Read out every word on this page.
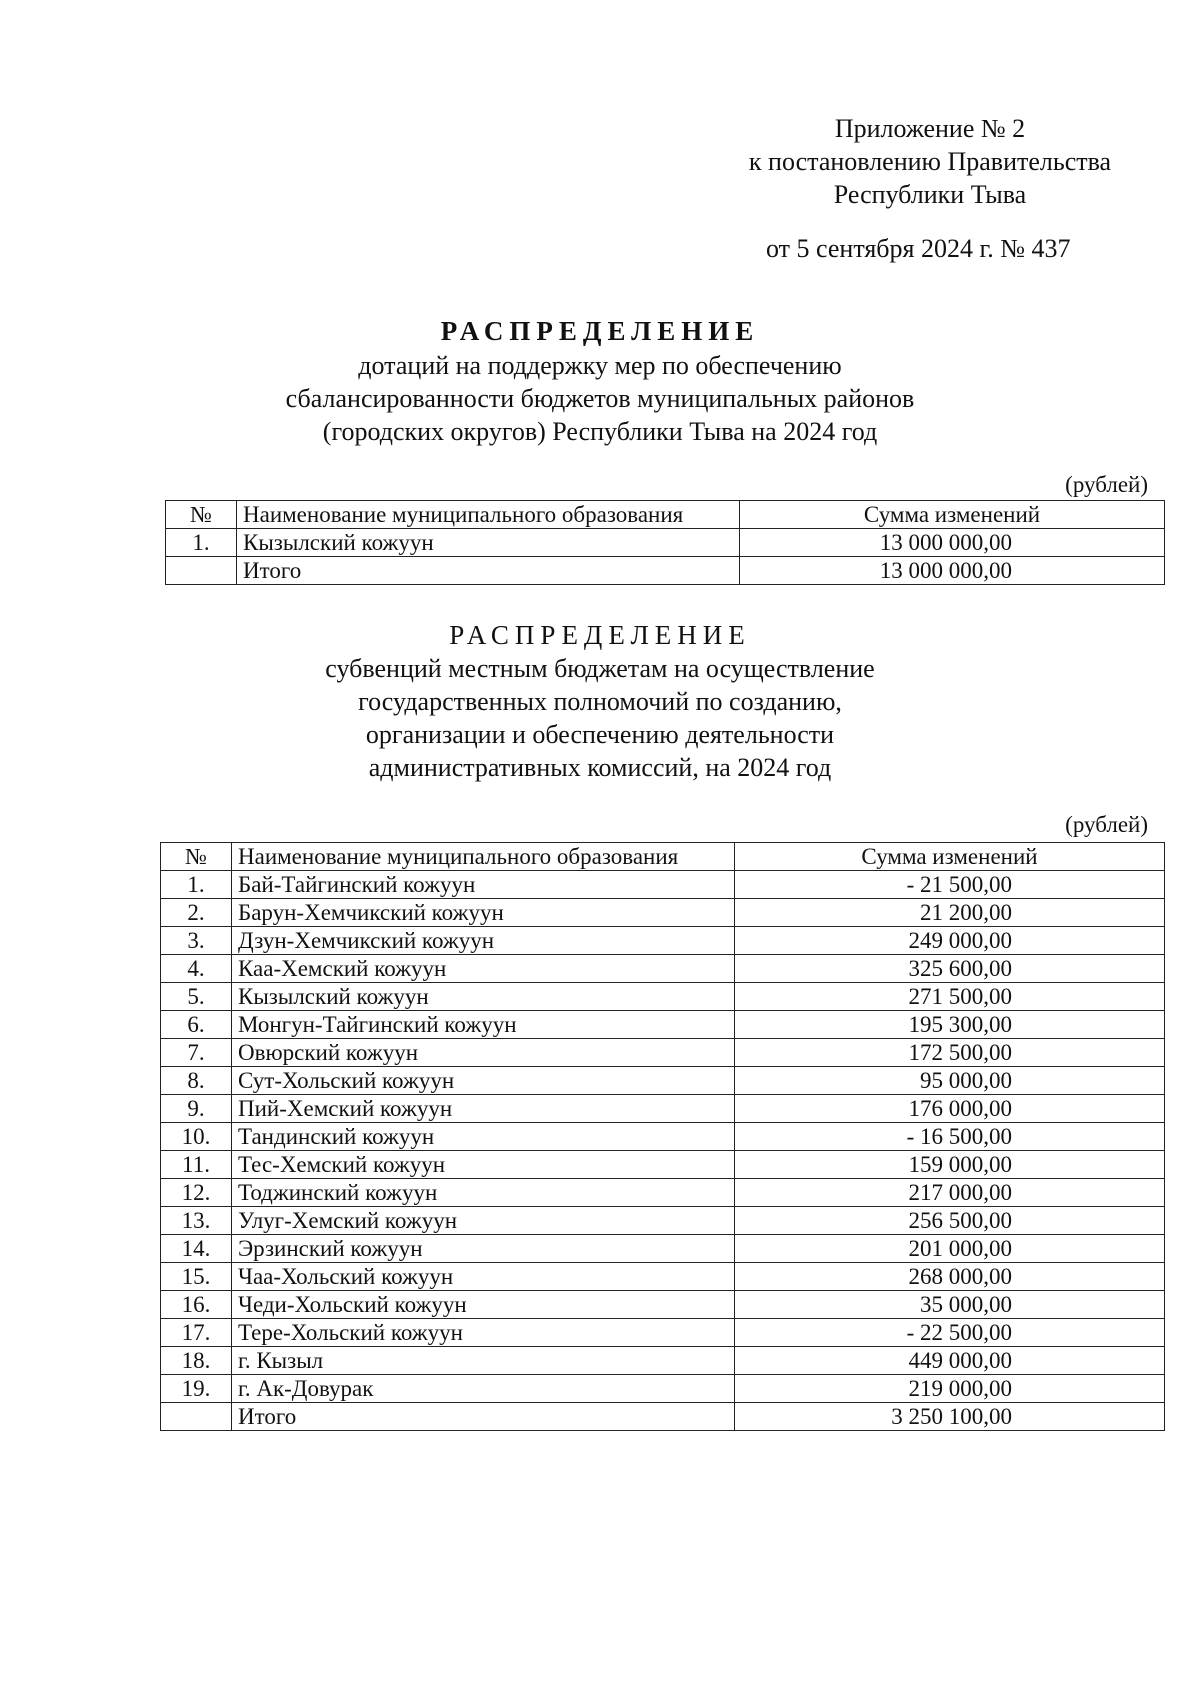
Приложение № 2
к постановлению Правительства
Республики Тыва
от 5 сентября 2024 г. № 437
РАСПРЕДЕЛЕНИЕ
дотаций на поддержку мер по обеспечению
сбалансированности бюджетов муниципальных районов
(городских округов) Республики Тыва на 2024 год
(рублей)
№	Наименование муниципального образования	Сумма изменений
1.	Кызылский кожуун	13 000 000,00
	Итого	13 000 000,00
РАСПРЕДЕЛЕНИЕ
субвенций местным бюджетам на осуществление
государственных полномочий по созданию,
организации и обеспечению деятельности
административных комиссий, на 2024 год
(рублей)
№	Наименование муниципального образования	Сумма изменений
1.	Бай-Тайгинский кожуун	- 21 500,00
2.	Барун-Хемчикский кожуун	21 200,00
3.	Дзун-Хемчикский кожуун	249 000,00
4.	Каа-Хемский кожуун	325 600,00
5.	Кызылский кожуун	271 500,00
6.	Монгун-Тайгинский кожуун	195 300,00
7.	Овюрский кожуун	172 500,00
8.	Сут-Хольский кожуун	95 000,00
9.	Пий-Хемский кожуун	176 000,00
10.	Тандинский кожуун	- 16 500,00
11.	Тес-Хемский кожуун	159 000,00
12.	Тоджинский кожуун	217 000,00
13.	Улуг-Хемский кожуун	256 500,00
14.	Эрзинский кожуун	201 000,00
15.	Чаа-Хольский кожуун	268 000,00
16.	Чеди-Хольский кожуун	35 000,00
17.	Тере-Хольский кожуун	- 22 500,00
18.	г. Кызыл	449 000,00
19.	г. Ак-Довурак	219 000,00
	Итого	3 250 100,00
